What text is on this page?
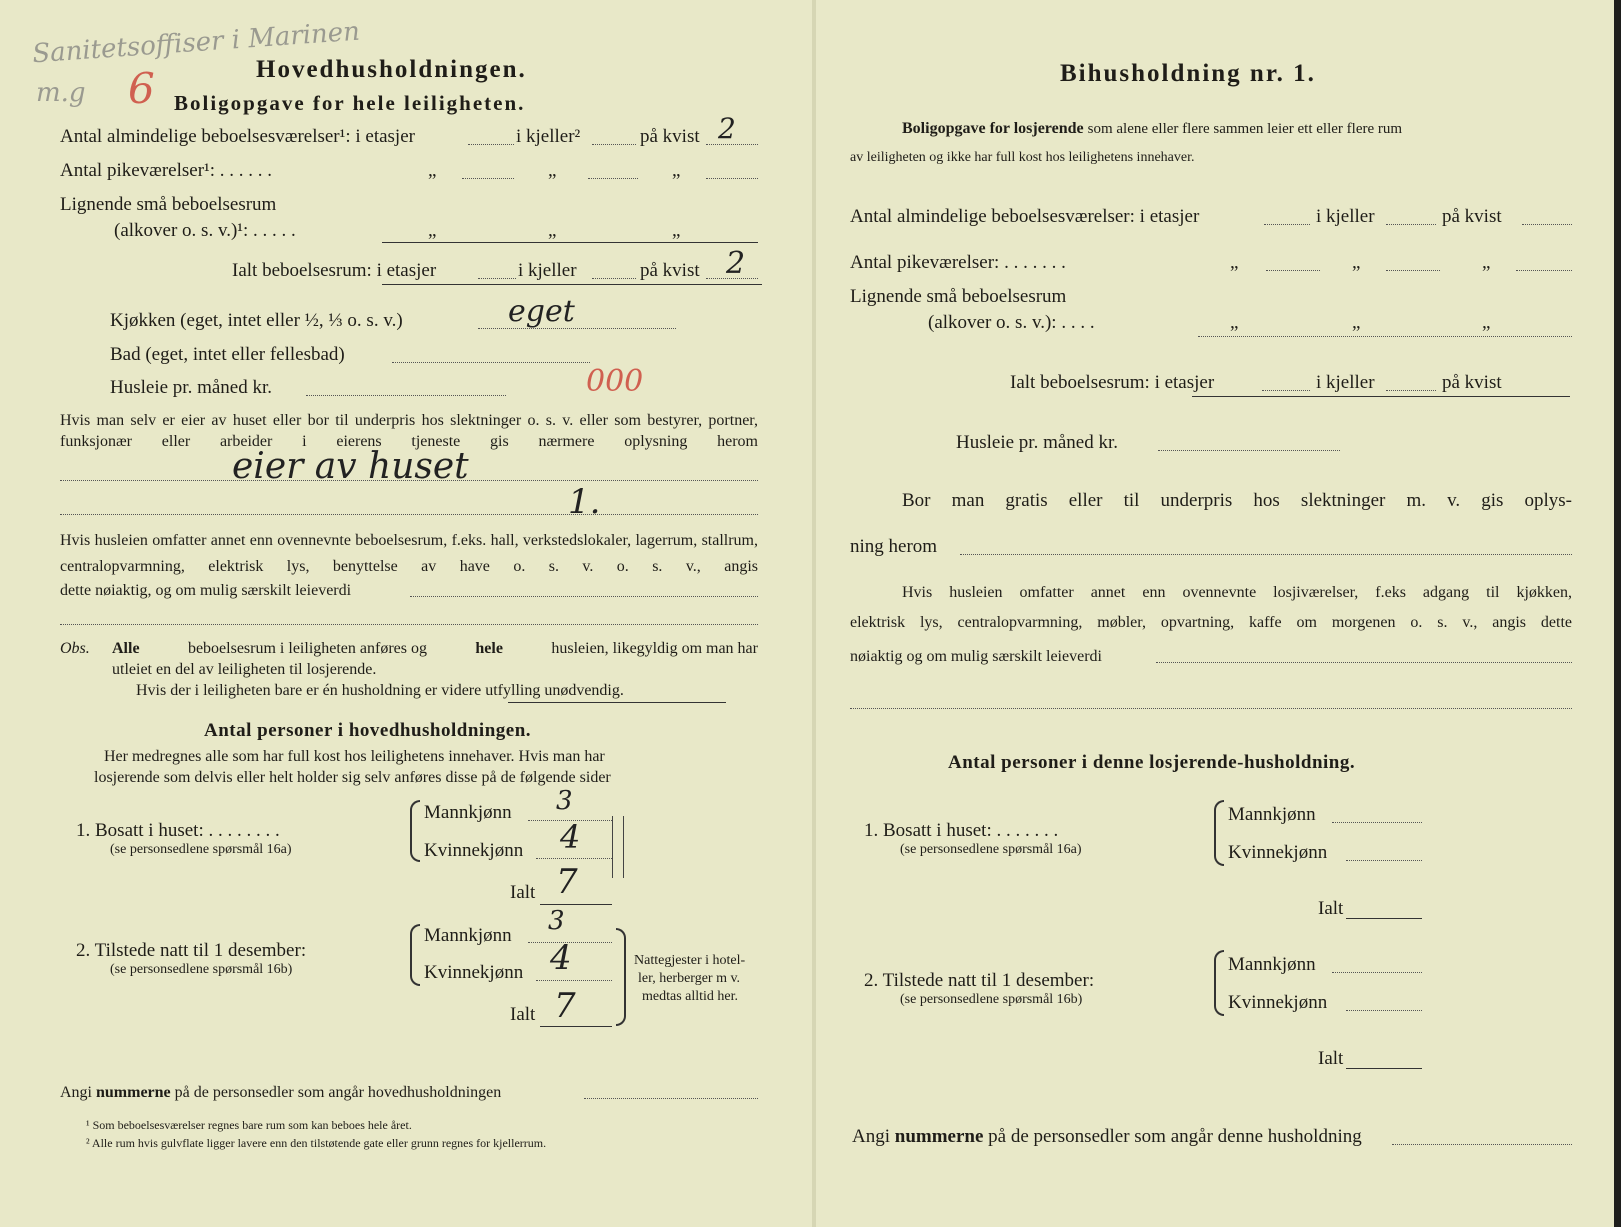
Sanitetsoffiser i Marinen
m.g 6	Hovedhusholdningen.
Boligopgave for hele leiligheten.
Antal almindelige beboelsesværelser¹: i etasjer	i kjeller²	på kvist 2
Antal pikeværelser¹: . . . . . .	„	„	„
Lignende små beboelsesrum
(alkover o. s. v.)¹: . . . . .	„	„	„
Ialt beboelsesrum: i etasjer	i kjeller	på kvist 2
Kjøkken (eget, intet eller ½, ⅓ o. s. v.)	eget
Bad (eget, intet eller fellesbad)
Husleie pr. måned kr.	000
Hvis man selv er eier av huset eller bor til underpris hos slektninger o. s. v. eller som bestyrer, portner, funksjonær eller arbeider i eierens tjeneste gis nærmere oplysning herom
eier av huset
1.
Hvis husleien omfatter annet enn ovennevnte beboelsesrum, f.eks. hall, verkstedslokaler, lagerrum, stallrum, centralopvarmning, elektrisk lys, benyttelse av have o. s. v. o. s. v., angis
dette nøiaktig, og om mulig særskilt leieverdi
Obs. Alle	beboelsesrum i leiligheten anføres og	hele	husleien, likegyldig om man har
utleiet en del av leiligheten til losjerende.
Hvis der i leiligheten bare er én husholdning er videre utfylling unødvendig.
Antal personer i hovedhusholdningen.
Her medregnes alle som har full kost hos leilighetens innehaver. Hvis man har
losjerende som delvis eller helt holder sig selv anføres disse på de følgende sider
1. Bosatt i huset: . . . . . . . .
(se personsedlene spørsmål 16a)
Mannkjønn 3
Kvinnekjønn 4
Ialt 7
2. Tilstede natt til 1 desember:
(se personsedlene spørsmål 16b)
Mannkjønn 3
Kvinnekjønn 4
Ialt 7
Nattegjester i hotel-
ler, herberger m v.
medtas alltid her.
Angi nummerne på de personsedler som angår hovedhusholdningen
¹ Som beboelsesværelser regnes bare rum som kan beboes hele året.
² Alle rum hvis gulvflate ligger lavere enn den tilstøtende gate eller grunn regnes for kjellerrum.
Bihusholdning nr. 1.
Boligopgave for losjerende som alene eller flere sammen leier ett eller flere rum
av leiligheten og ikke har full kost hos leilighetens innehaver.
Antal almindelige beboelsesværelser: i etasjer	i kjeller	på kvist
Antal pikeværelser: . . . . . . .	„	„	„
Lignende små beboelsesrum
(alkover o. s. v.): . . . .	„	„	„
Ialt beboelsesrum: i etasjer	i kjeller	på kvist
Husleie pr. måned kr.
Bor man gratis eller til underpris hos slektninger m. v. gis oplys-
ning herom
Hvis husleien omfatter annet enn ovennevnte losjiværelser, f.eks adgang til kjøkken,
elektrisk lys, centralopvarmning, møbler, opvartning, kaffe om morgenen o. s. v., angis dette
nøiaktig og om mulig særskilt leieverdi
Antal personer i denne losjerende-husholdning.
1. Bosatt i huset: . . . . . . .
(se personsedlene spørsmål 16a)
Mannkjønn
Kvinnekjønn
Ialt
2. Tilstede natt til 1 desember:
(se personsedlene spørsmål 16b)
Mannkjønn
Kvinnekjønn
Ialt
Angi nummerne på de personsedler som angår denne husholdning
